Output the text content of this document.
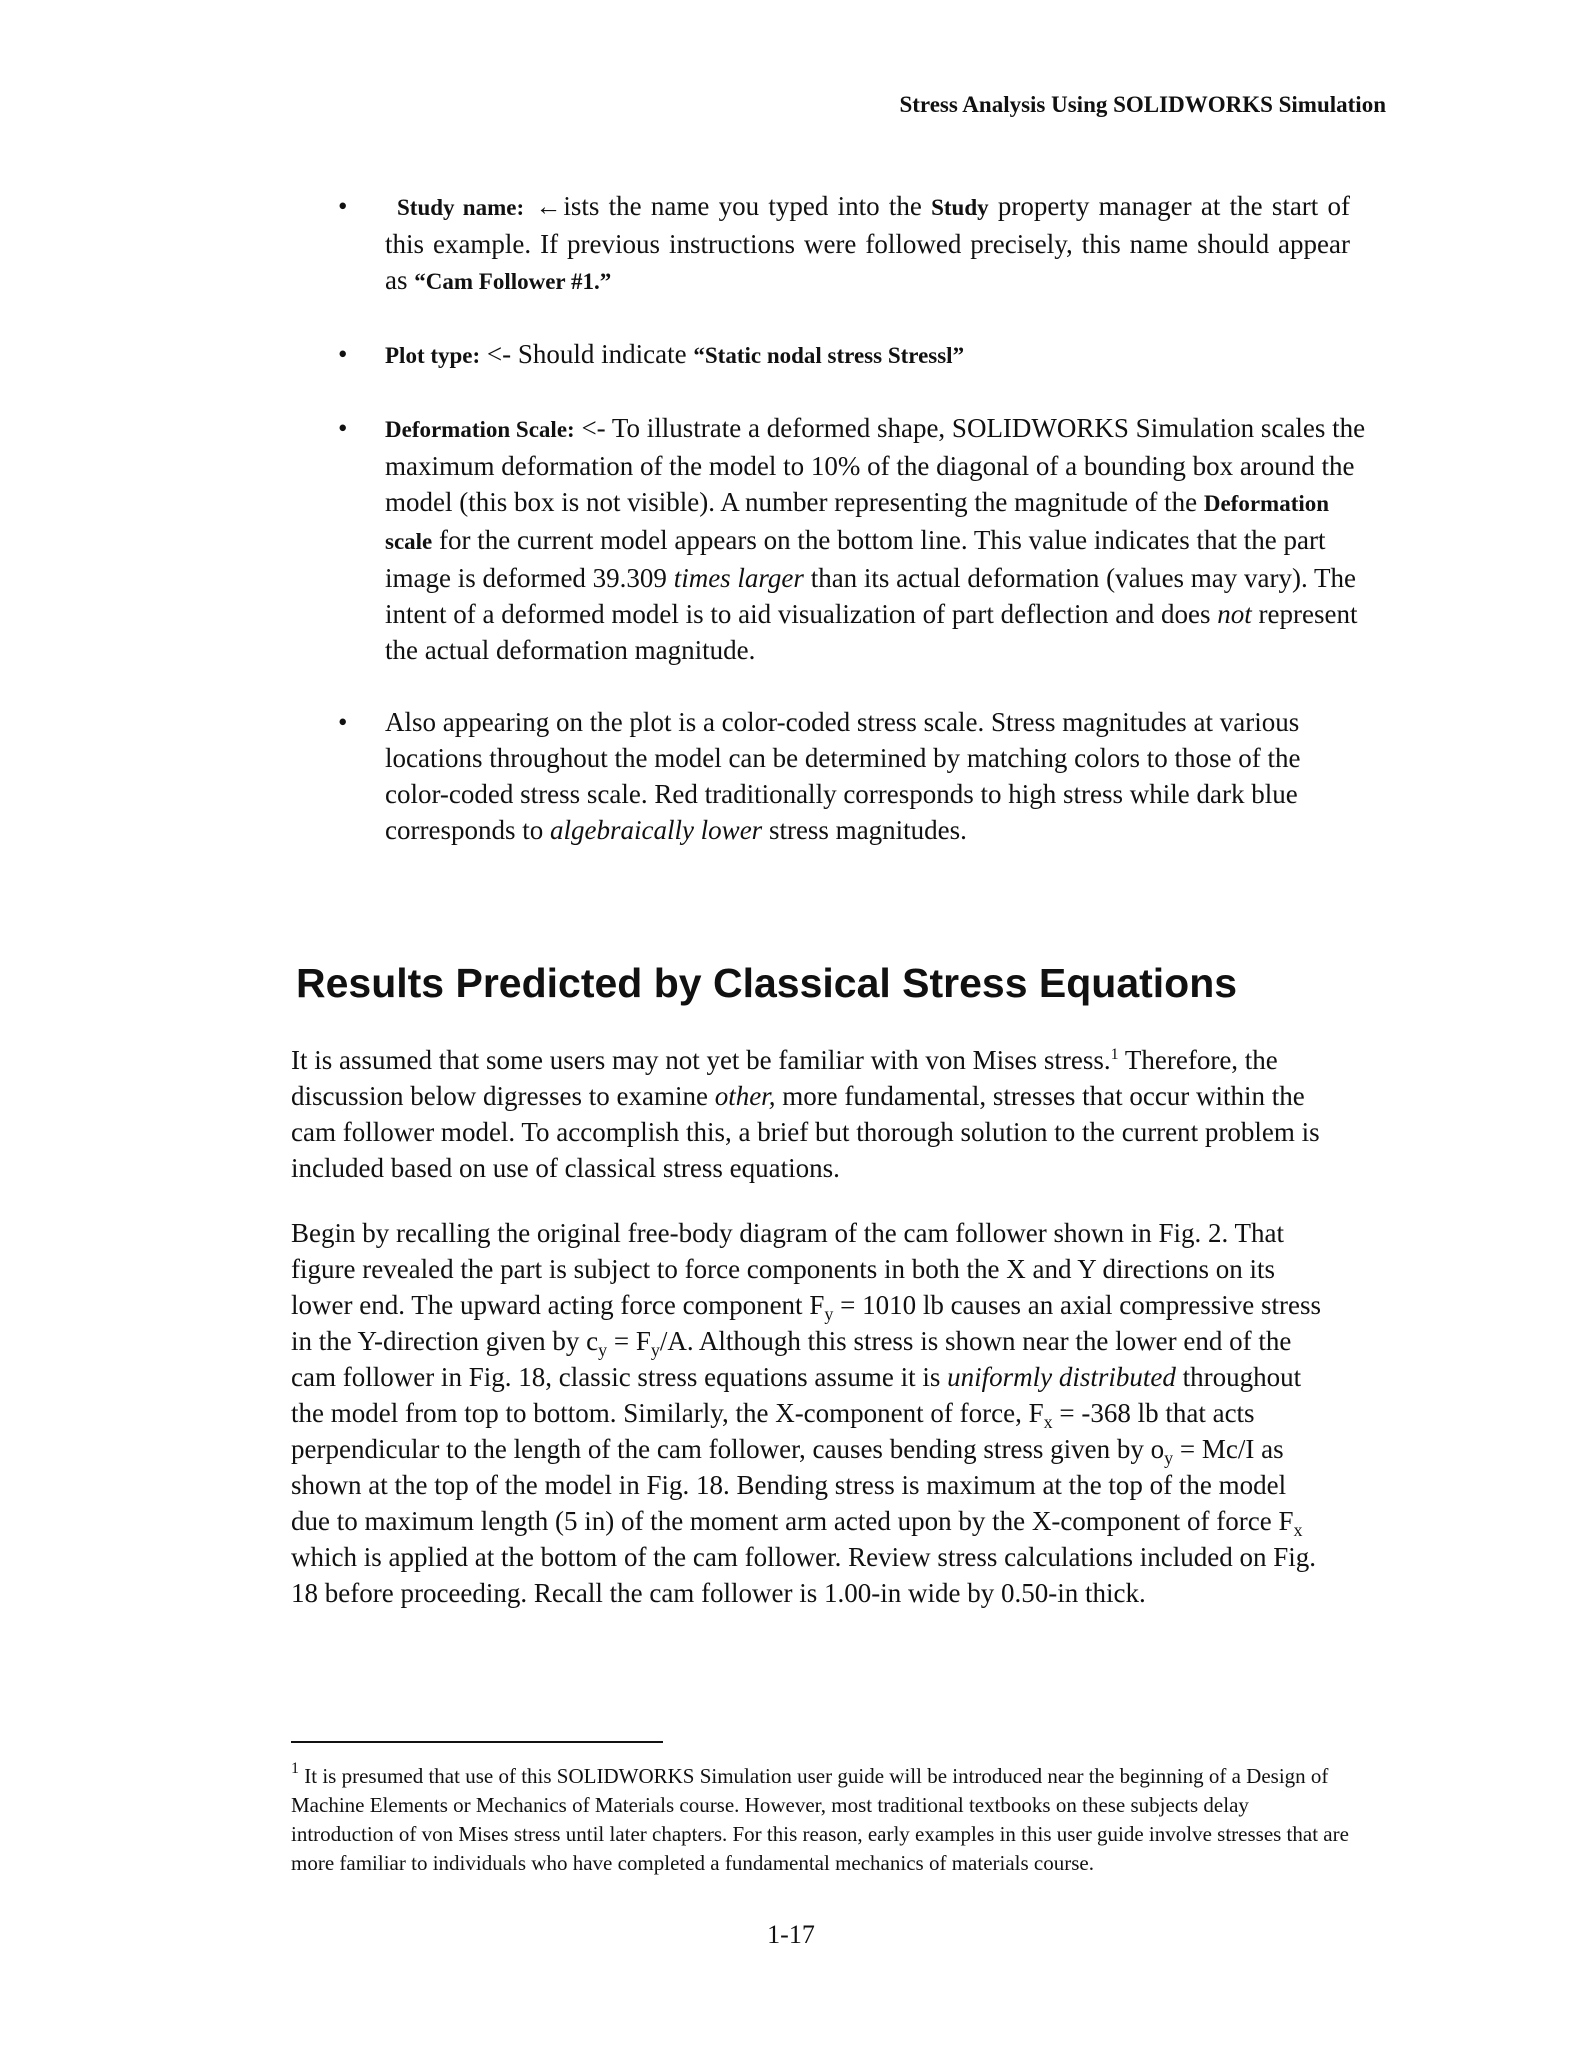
Stress Analysis Using SOLIDWORKS Simulation
• Study name: ←ists the name you typed into the Study property manager at the start of this example. If previous instructions were followed precisely, this name should appear as “Cam Follower #1.”
• Plot type: <- Should indicate “Static nodal stress Stressl”
• Deformation Scale: <- To illustrate a deformed shape, SOLIDWORKS Simulation scales the maximum deformation of the model to 10% of the diagonal of a bounding box around the model (this box is not visible). A number representing the magnitude of the Deformation scale for the current model appears on the bottom line. This value indicates that the part image is deformed 39.309 times larger than its actual deformation (values may vary). The intent of a deformed model is to aid visualization of part deflection and does not represent the actual deformation magnitude.
• Also appearing on the plot is a color-coded stress scale. Stress magnitudes at various locations throughout the model can be determined by matching colors to those of the color-coded stress scale. Red traditionally corresponds to high stress while dark blue corresponds to algebraically lower stress magnitudes.
Results Predicted by Classical Stress Equations

It is assumed that some users may not yet be familiar with von Mises stress.$^1$ Therefore, the discussion below digresses to examine other, more fundamental, stresses that occur within the cam follower model. To accomplish this, a brief but thorough solution to the current problem is included based on use of classical stress equations.

Begin by recalling the original free-body diagram of the cam follower shown in Fig. 2. That figure revealed the part is subject to force components in both the X and Y directions on its lower end. The upward acting force component $F_y = 1010$ lb causes an axial compressive stress in the Y-direction given by $c_y = F_y/A$. Although this stress is shown near the lower end of the cam follower in Fig. 18, classic stress equations assume it is uniformly distributed throughout the model from top to bottom. Similarly, the X-component of force, $F_x = -368$ lb that acts perpendicular to the length of the cam follower, causes bending stress given by $o_y = Mc/I$ as shown at the top of the model in Fig. 18. Bending stress is maximum at the top of the model due to maximum length (5 in) of the moment arm acted upon by the X-component of force $F_x$ which is applied at the bottom of the cam follower. Review stress calculations included on Fig. 18 before proceeding. Recall the cam follower is 1.00-in wide by 0.50-in thick.

$^1$ It is presumed that use of this SOLIDWORKS Simulation user guide will be introduced near the beginning of a Design of Machine Elements or Mechanics of Materials course. However, most traditional textbooks on these subjects delay introduction of von Mises stress until later chapters. For this reason, early examples in this user guide involve stresses that are more familiar to individuals who have completed a fundamental mechanics of materials course.

1-17
